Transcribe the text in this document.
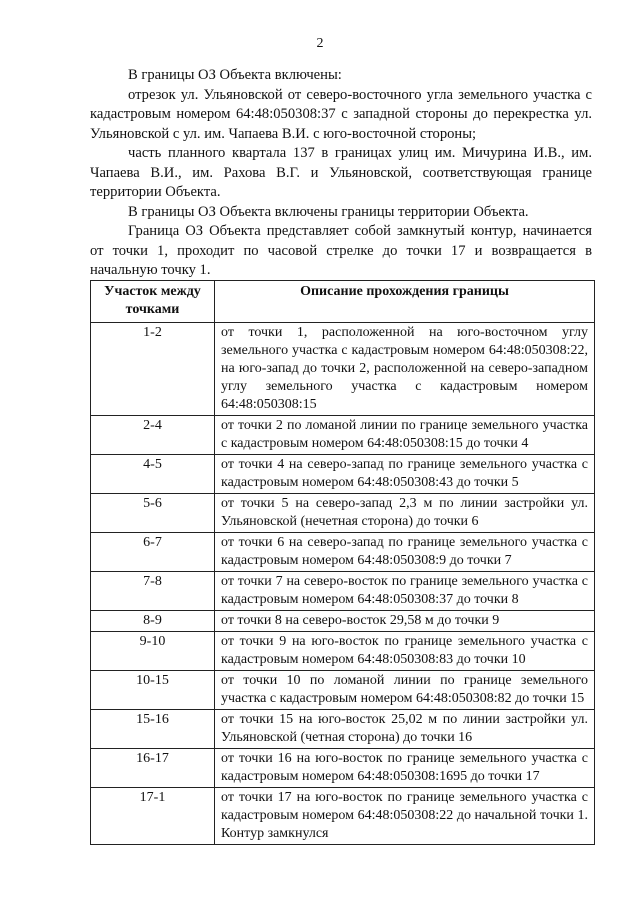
2

В границы ОЗ Объекта включены:

отрезок ул. Ульяновской от северо-восточного угла земельного участка с кадастровым номером 64:48:050308:37 с западной стороны до перекрестка ул. Ульяновской с ул. им. Чапаева В.И. с юго-восточной стороны;

часть планного квартала 137 в границах улиц им. Мичурина И.В., им. Чапаева В.И., им. Рахова В.Г. и Ульяновской, соответствующая границе территории Объекта.

В границы ОЗ Объекта включены границы территории Объекта.

Граница ОЗ Объекта представляет собой замкнутый контур, начинается от точки 1, проходит по часовой стрелке до точки 17 и возвращается в начальную точку 1.

Участок между точками	Описание прохождения границы
1-2	от точки 1, расположенной на юго-восточном углу земельного участка с кадастровым номером 64:48:050308:22, на юго-запад до точки 2, расположенной на северо-западном углу земельного участка с кадастровым номером 64:48:050308:15
2-4	от точки 2 по ломаной линии по границе земельного участка с кадастровым номером 64:48:050308:15 до точки 4
4-5	от точки 4 на северо-запад по границе земельного участка с кадастровым номером 64:48:050308:43 до точки 5
5-6	от точки 5 на северо-запад 2,3 м по линии застройки ул. Ульяновской (нечетная сторона) до точки 6
6-7	от точки 6 на северо-запад по границе земельного участка с кадастровым номером 64:48:050308:9 до точки 7
7-8	от точки 7 на северо-восток по границе земельного участка с кадастровым номером 64:48:050308:37 до точки 8
8-9	от точки 8 на северо-восток 29,58 м до точки 9
9-10	от точки 9 на юго-восток по границе земельного участка с кадастровым номером 64:48:050308:83 до точки 10
10-15	от точки 10 по ломаной линии по границе земельного участка с кадастровым номером 64:48:050308:82 до точки 15
15-16	от точки 15 на юго-восток 25,02 м по линии застройки ул. Ульяновской (четная сторона) до точки 16
16-17	от точки 16 на юго-восток по границе земельного участка с кадастровым номером 64:48:050308:1695 до точки 17
17-1	от точки 17 на юго-восток по границе земельного участка с кадастровым номером 64:48:050308:22 до начальной точки 1. Контур замкнулся
